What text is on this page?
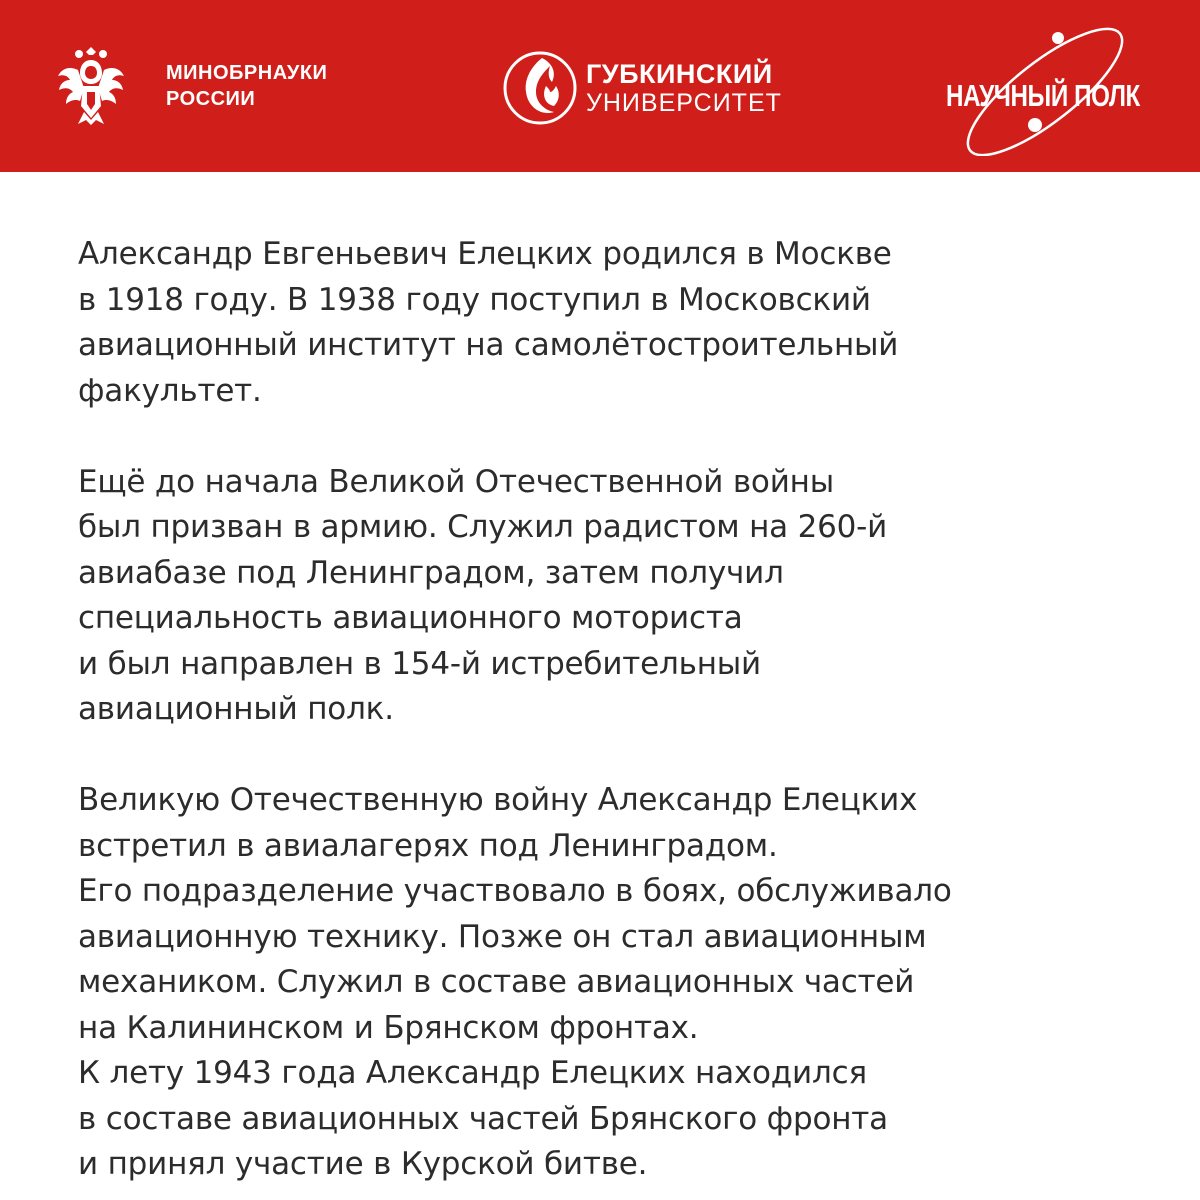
МИНОБРНАУКИ
РОССИИ
ГУБКИНСКИЙ
УНИВЕРСИТЕТ	НАУЧНЫЙ ПОЛК

Александр Евгеньевич Елецких родился в Москве
в 1918 году. В 1938 году поступил в Московский
авиационный институт на самолётостроительный
факультет.

Ещё до начала Великой Отечественной войны
был призван в армию. Служил радистом на 260-й
авиабазе под Ленинградом, затем получил
специальность авиационного моториста
и был направлен в 154-й истребительный
авиационный полк.

Великую Отечественную войну Александр Елецких
встретил в авиалагерях под Ленинградом.
Его подразделение участвовало в боях, обслуживало
авиационную технику. Позже он стал авиационным
механиком. Служил в составе авиационных частей
на Калининском и Брянском фронтах.
К лету 1943 года Александр Елецких находился
в составе авиационных частей Брянского фронта
и принял участие в Курской битве.
